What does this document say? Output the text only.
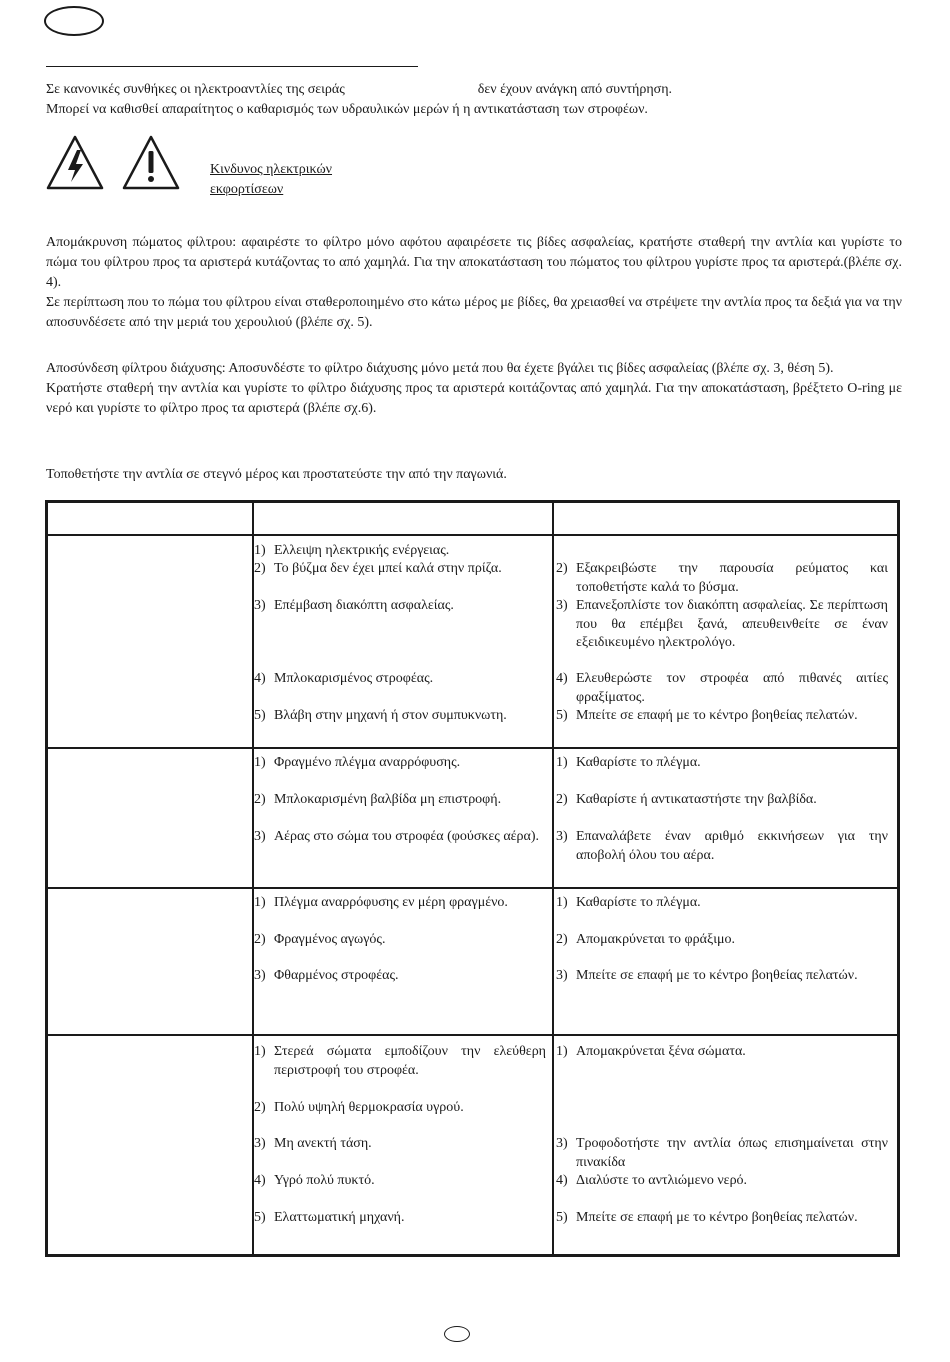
Σε κανονικές συνθήκες οι ηλεκτροαντλίες της σειράς	δεν έχουν ανάγκη από συντήρηση.
Μπορεί να καθισθεί απαραίτητος ο καθαρισμός των υδραυλικών μερών ή η αντικατάσταση των στροφέων.
Κινδυνος ηλεκτρικών
εκφορτίσεων

Απομάκρυνση πώματος φίλτρου: αφαιρέστε το φίλτρο μόνο αφότου αφαιρέσετε τις βίδες ασφαλείας, κρατήστε σταθερή την αντλία και γυρίστε το πώμα του φίλτρου προς τα αριστερά κυτάζοντας το από χαμηλά. Για την αποκατάσταση του πώματος του φίλτρου γυρίστε προς τα αριστερά.(βλέπε σχ. 4).

Σε περίπτωση που το πώμα του φίλτρου είναι σταθεροποιημένο στο κάτω μέρος με βίδες, θα χρειασθεί να στρέψετε την αντλία προς τα δεξιά για να την αποσυνδέσετε από την μεριά του χερουλιού (βλέπε σχ. 5).

Αποσύνδεση φίλτρου διάχυσης: Αποσυνδέστε το φίλτρο διάχυσης μόνο μετά που θα έχετε βγάλει τις βίδες ασφαλείας (βλέπε σχ. 3, θέση 5).

Κρατήστε σταθερή την αντλία και γυρίστε το φίλτρο διάχυσης προς τα αριστερά κοιτάζοντας από χαμηλά. Για την αποκατάσταση, βρέξτετο O-ring με νερό και γυρίστε το φίλτρο προς τα αριστερά (βλέπε σχ.6).

Τοποθετήστε την αντλία σε στεγνό μέρος και προστατεύστε την από την παγωνιά.
1) Ελλειψη ηλεκτρικής ενέργειας.
2) Το βύζμα δεν έχει μπεί καλά στην πρίζα.
3) Επέμβαση διακόπτη ασφαλείας.
4) Μπλοκαρισμένος στροφέας.
5) Βλάβη στην μηχανή ή στον συμπυκνωτη.
2) Εξακρειβώστε την παρουσία ρεύματος και τοποθετήστε καλά το βύσμα.
3) Επανεξοπλίστε τον διακόπτη ασφαλείας. Σε περίπτωση που θα επέμβει ξανά, απευθεινθείτε σε έναν εξειδικευμένο ηλεκτρολόγο.
4) Ελευθερώστε τον στροφέα από πιθανές αιτίες φραξίματος.
5) Μπείτε σε επαφή με το κέντρο βοηθείας πελατών.
1) Φραγμένο πλέγμα αναρρόφυσης.
2) Μπλοκαρισμένη βαλβίδα μη επιστροφή.
3) Αέρας στο σώμα του στροφέα (φούσκες αέρα).
1) Καθαρίστε το πλέγμα.
2) Καθαρίστε ή αντικαταστήστε την βαλβίδα.
3) Επαναλάβετε έναν αριθμό εκκινήσεων για την αποβολή όλου του αέρα.
1) Πλέγμα αναρρόφυσης εν μέρη φραγμένο.
2) Φραγμένος αγωγός.
3) Φθαρμένος στροφέας.
1) Καθαρίστε το πλέγμα.
2) Απομακρύνεται το φράξιμο.
3) Μπείτε σε επαφή με το κέντρο βοηθείας πελατών.
1) Στερεά σώματα εμποδίζουν την ελεύθερη περιστροφή του στροφέα.
2) Πολύ υψηλή θερμοκρασία υγρού.
3) Μη ανεκτή τάση.
4) Υγρό πολύ πυκτό.
5) Ελαττωματική μηχανή.
1) Απομακρύνεται ξένα σώματα.
3) Τροφοδοτήστε την αντλία όπως επισημαίνεται στην πινακίδα
4) Διαλύστε το αντλιώμενο νερό.
5) Μπείτε σε επαφή με το κέντρο βοηθείας πελατών.
